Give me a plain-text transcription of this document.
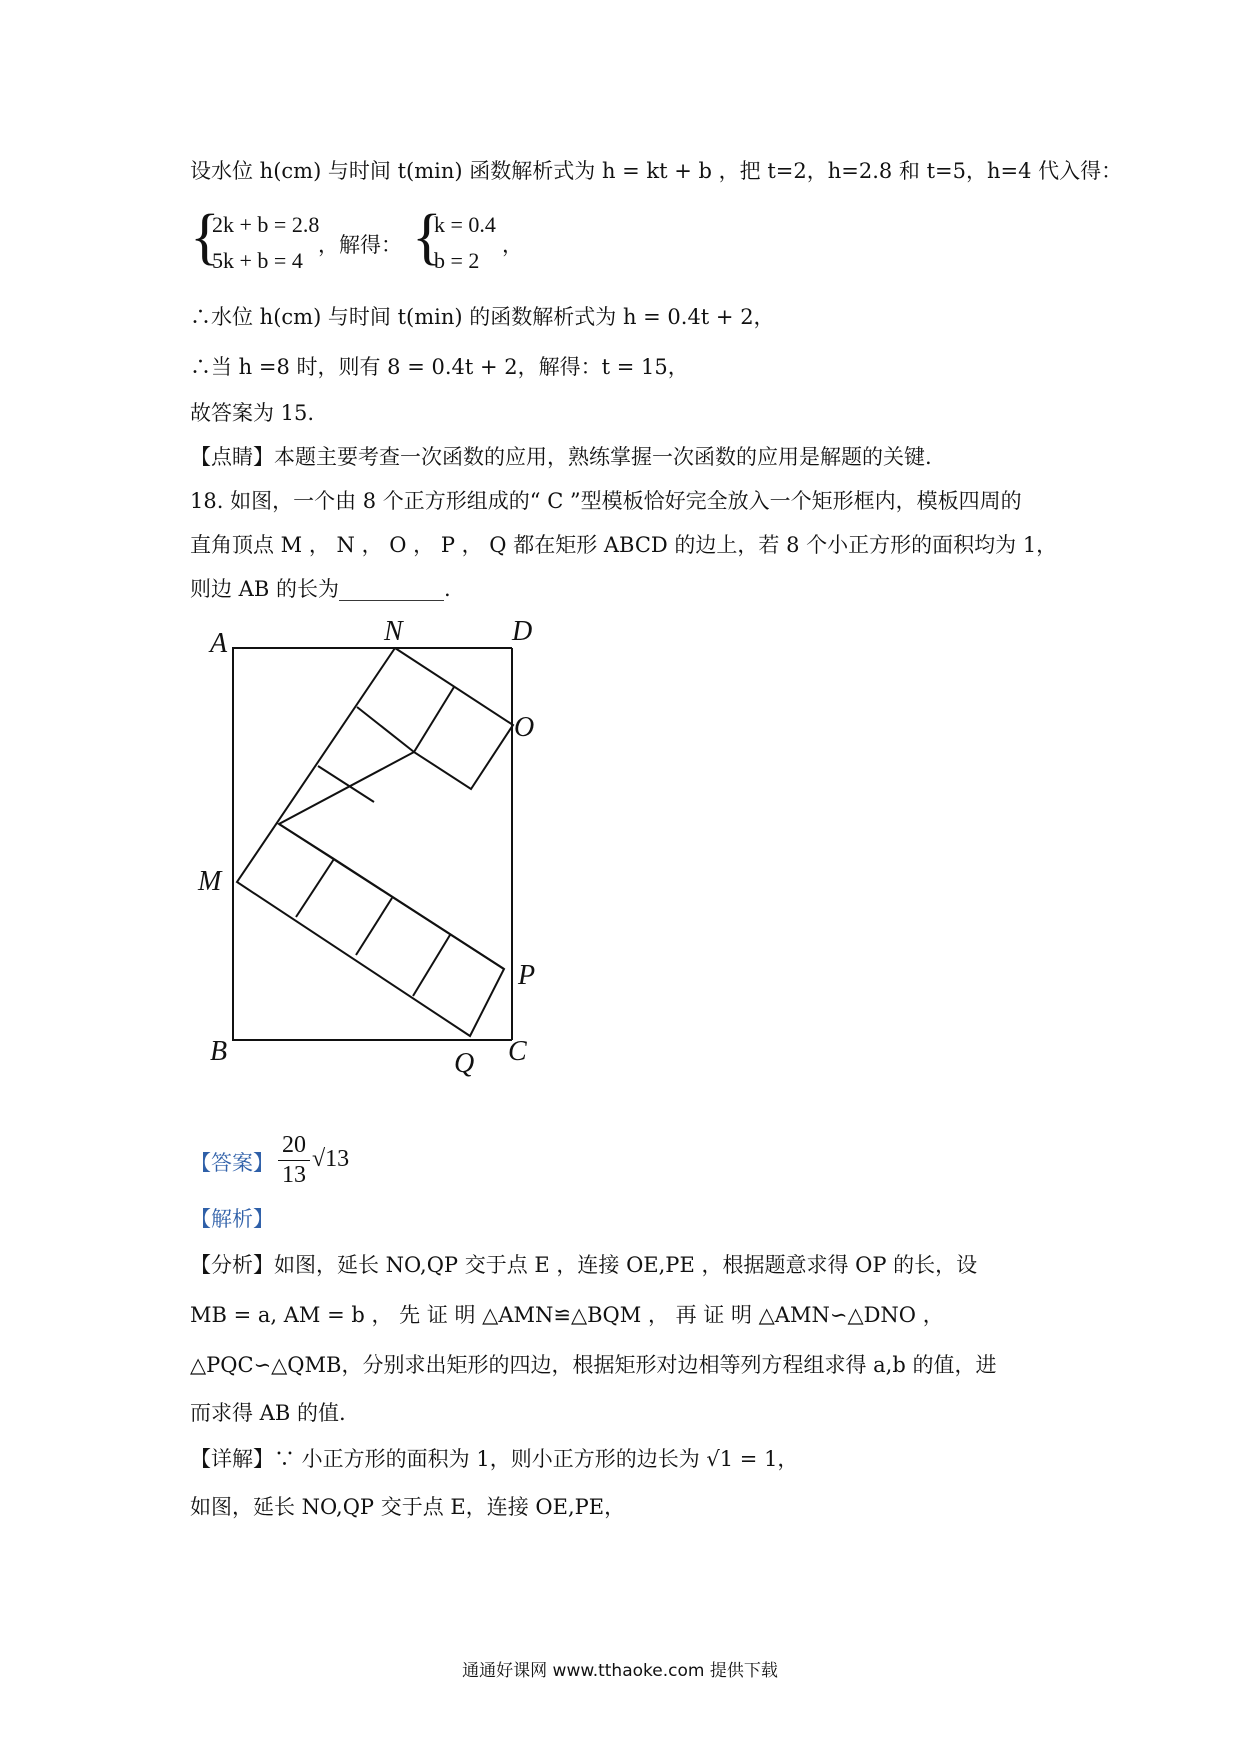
设水位 h(cm) 与时间 t(min) 函数解析式为 h = kt + b ，把 t=2，h=2.8 和 t=5，h=4 代入得：
{
2k + b = 2.8
5k + b = 4
，解得： {
k = 0.4
b = 2
，
∴水位 h(cm) 与时间 t(min) 的函数解析式为 h = 0.4t + 2，
∴当 h =8 时，则有 8 = 0.4t + 2，解得：t = 15，
故答案为 15.
【点睛】本题主要考查一次函数的应用，熟练掌握一次函数的应用是解题的关键.
18. 如图，一个由 8 个正方形组成的“ C ”型模板恰好完全放入一个矩形框内，模板四周的
直角顶点 M ， N ， O ， P ， Q 都在矩形 ABCD 的边上，若 8 个小正方形的面积均为 1，
则边 AB 的长为__________.
A	N	D
O
M
P
B	Q C
【答案】
20
13
√13
【解析】
【分析】如图，延长 NO,QP 交于点 E ，连接 OE,PE ，根据题意求得 OP 的长，设
MB = a, AM = b ， 先 证 明 △AMN≌△BQM ， 再 证 明 △AMN∽△DNO ，
△PQC∽△QMB，分别求出矩形的四边，根据矩形对边相等列方程组求得 a,b 的值，进
而求得 AB 的值.
【详解】∵ 小正方形的面积为 1，则小正方形的边长为 √1 = 1，
如图，延长 NO,QP 交于点 E，连接 OE,PE，
通通好课网 www.tthaoke.com 提供下载
